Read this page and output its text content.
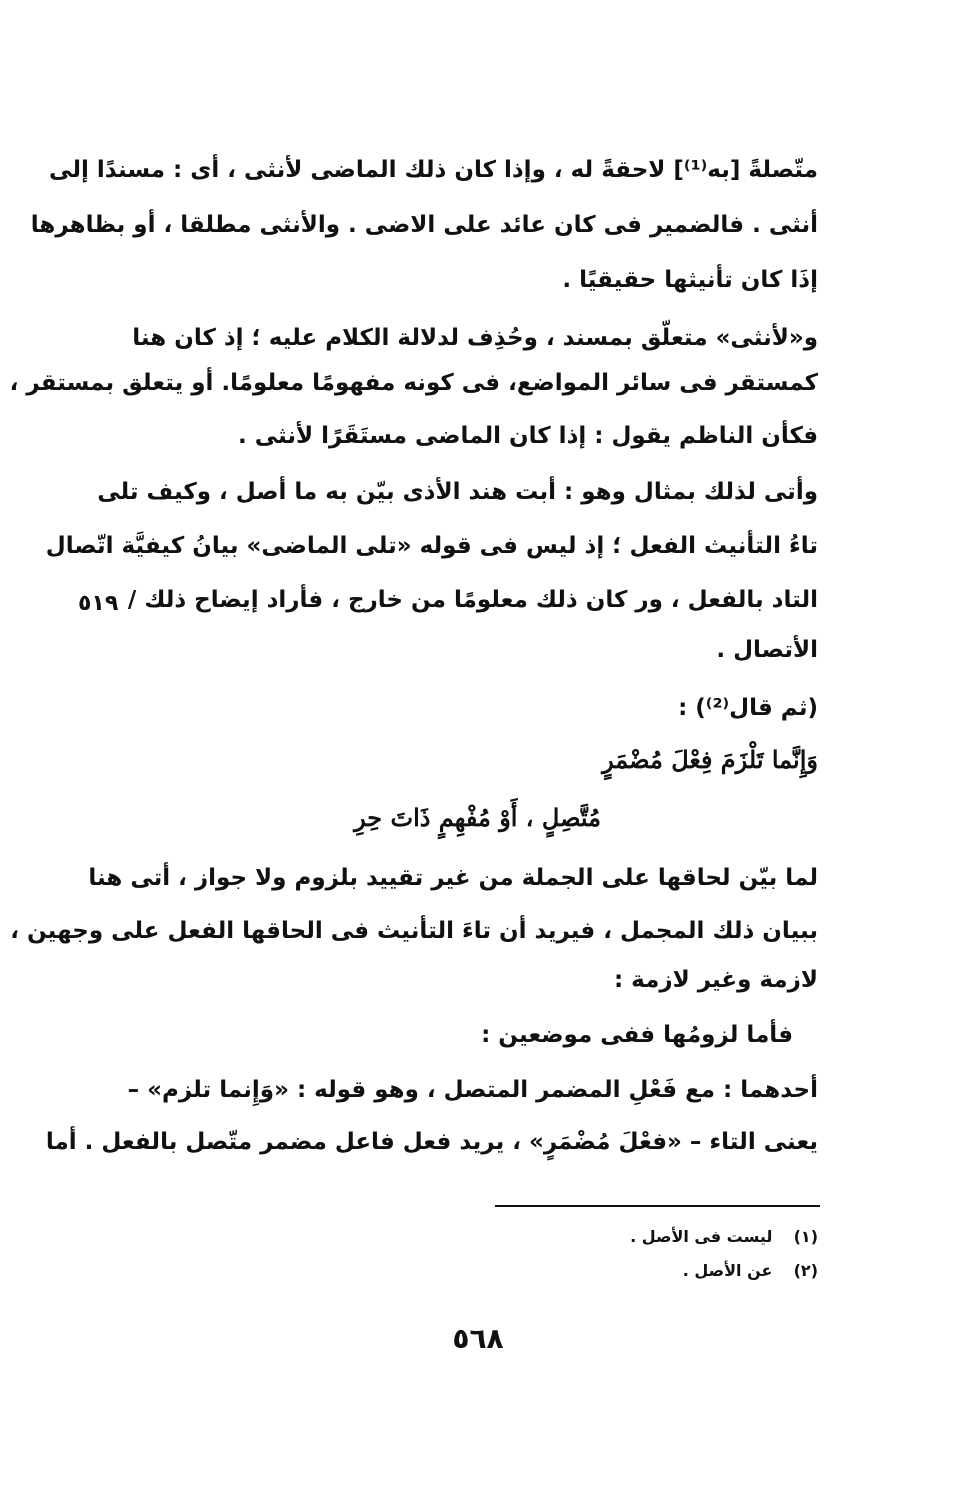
متّصلةً [به⁽¹⁾] لاحقةً له ، وإذا كان ذلك الماضى لأنثى ، أى : مسندًا إلى
أنثى . فالضمير فى كان عائد على الاضى . والأنثى مطلقا ، أو بظاهرها
إذَا كان تأنيثها حقيقيًا .
و«لأنثى» متعلّق بمسند ، وحُذِف لدلالة الكلام عليه ؛ إذ كان هنا
كمستقر فى سائر المواضع، فى كونه مفهومًا معلومًا. أو يتعلق بمستقر ،
فكأن الناظم يقول : إذا كان الماضى مستَقَرًا لأنثى .
وأتى لذلك بمثال وهو : أبت هند الأذى بيّن به ما أصل ، وكيف تلى
تاءُ التأنيث الفعل ؛ إذ ليس فى قوله «تلى الماضى» بيانُ كيفيَّة اتّصال
التاد بالفعل ، ور كان ذلك معلومًا من خارج ، فأراد إيضاح ذلك /
الأتصال .
٥١٩
(ثم قال⁽²⁾) :
وَإِنَّما تَلْزَمَ فِعْلَ مُضْمَرٍ
مُتَّصِلٍ ، أَوْ مُفْهِمٍ ذَاتَ حِرِ
لما بيّن لحاقها على الجملة من غير تقييد بلزوم ولا جواز ، أتى هنا
ببيان ذلك المجمل ، فيريد أن تاءَ التأنيث فى الحاقها الفعل على وجهين ،
لازمة وغير لازمة :
فأما لزومُها ففى موضعين :
أحدهما : مع فَعْلِ المضمر المتصل ، وهو قوله : «وَإِنما تلزم» –
يعنى التاء – «فعْلَ مُضْمَرٍ» ، يريد فعل فاعل مضمر متّصل بالفعل . أما
(١) ليست فى الأصل .
(٢) عن الأصل .
٥٦٨
